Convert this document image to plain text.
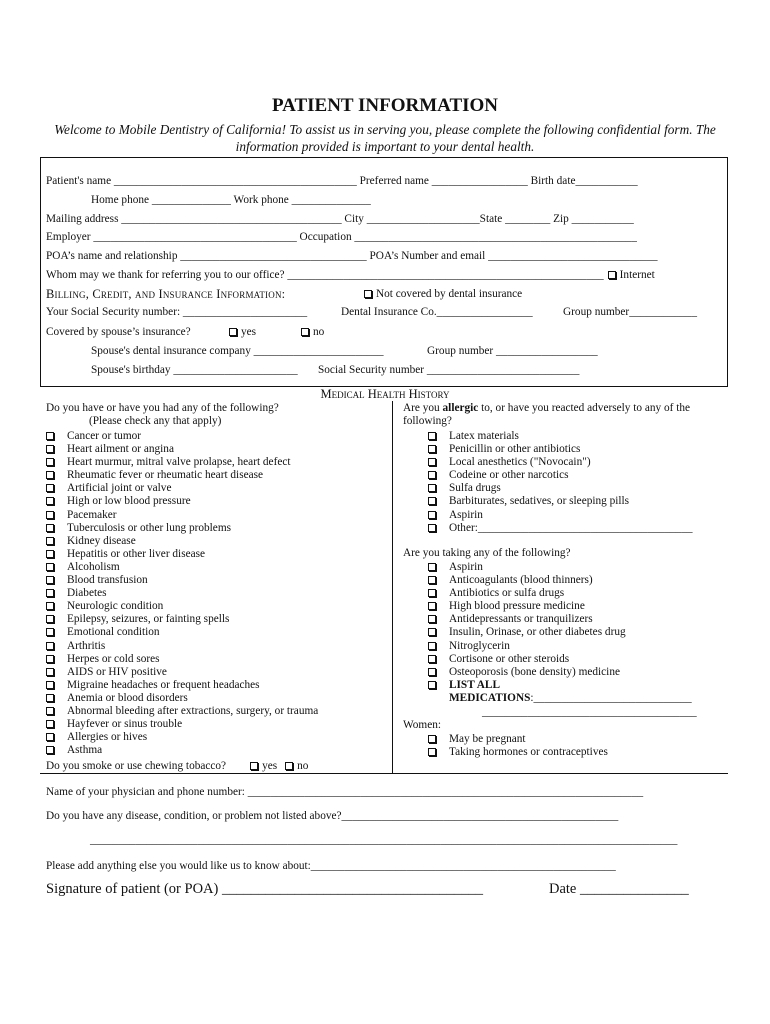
PATIENT INFORMATION
Welcome to Mobile Dentistry of California! To assist us in serving you, please complete the following confidential form. The information provided is important to your dental health.
Patient's name ___________________________________________ Preferred name _________________ Birth date___________
Home phone ______________ Work phone ______________
Mailing address _______________________________________ City ____________________State ________ Zip ___________
Employer ____________________________________ Occupation __________________________________________________
POA’s name and relationship _________________________________ POA’s Number and email ______________________________
Whom may we thank for referring you to our office? ________________________________________________________ Internet
Billing, Credit, and Insurance Information:	Not covered by dental insurance
Your Social Security number: ______________________	Dental Insurance Co._________________	Group number____________
Covered by spouse’s insurance?	yes	no
Spouse's dental insurance company _______________________	Group number __________________
Spouse's birthday ______________________ Social Security number ___________________________
Medical Health History
Do you have or have you had any of the following?
(Please check any that apply)
Cancer or tumor
Heart ailment or angina
Heart murmur, mitral valve prolapse, heart defect
Rheumatic fever or rheumatic heart disease
Artificial joint or valve
High or low blood pressure
Pacemaker
Tuberculosis or other lung problems
Kidney disease
Hepatitis or other liver disease
Alcoholism
Blood transfusion
Diabetes
Neurologic condition
Epilepsy, seizures, or fainting spells
Emotional condition
Arthritis
Herpes or cold sores
AIDS or HIV positive
Migraine headaches or frequent headaches
Anemia or blood disorders
Abnormal bleeding after extractions, surgery, or trauma
Hayfever or sinus trouble
Allergies or hives
Asthma
Do you smoke or use chewing tobacco?	yes no
Are you allergic to, or have you reacted adversely to any of the
following?
Latex materials
Penicillin or other antibiotics
Local anesthetics ("Novocain")
Codeine or other narcotics
Sulfa drugs
Barbiturates, sedatives, or sleeping pills
Aspirin
Other:______________________________________
Are you taking any of the following?
Aspirin
Anticoagulants (blood thinners)
Antibiotics or sulfa drugs
High blood pressure medicine
Antidepressants or tranquilizers
Insulin, Orinase, or other diabetes drug
Nitroglycerin
Cortisone or other steroids
Osteoporosis (bone density) medicine
LIST ALL
MEDICATIONS:____________________________
______________________________________
Women:
May be pregnant
Taking hormones or contraceptives
Name of your physician and phone number: ______________________________________________________________________
Do you have any disease, condition, or problem not listed above?_________________________________________________
________________________________________________________________________________________________________
Please add anything else you would like us to know about:______________________________________________________
Signature of patient (or POA) ____________________________________	Date _______________
